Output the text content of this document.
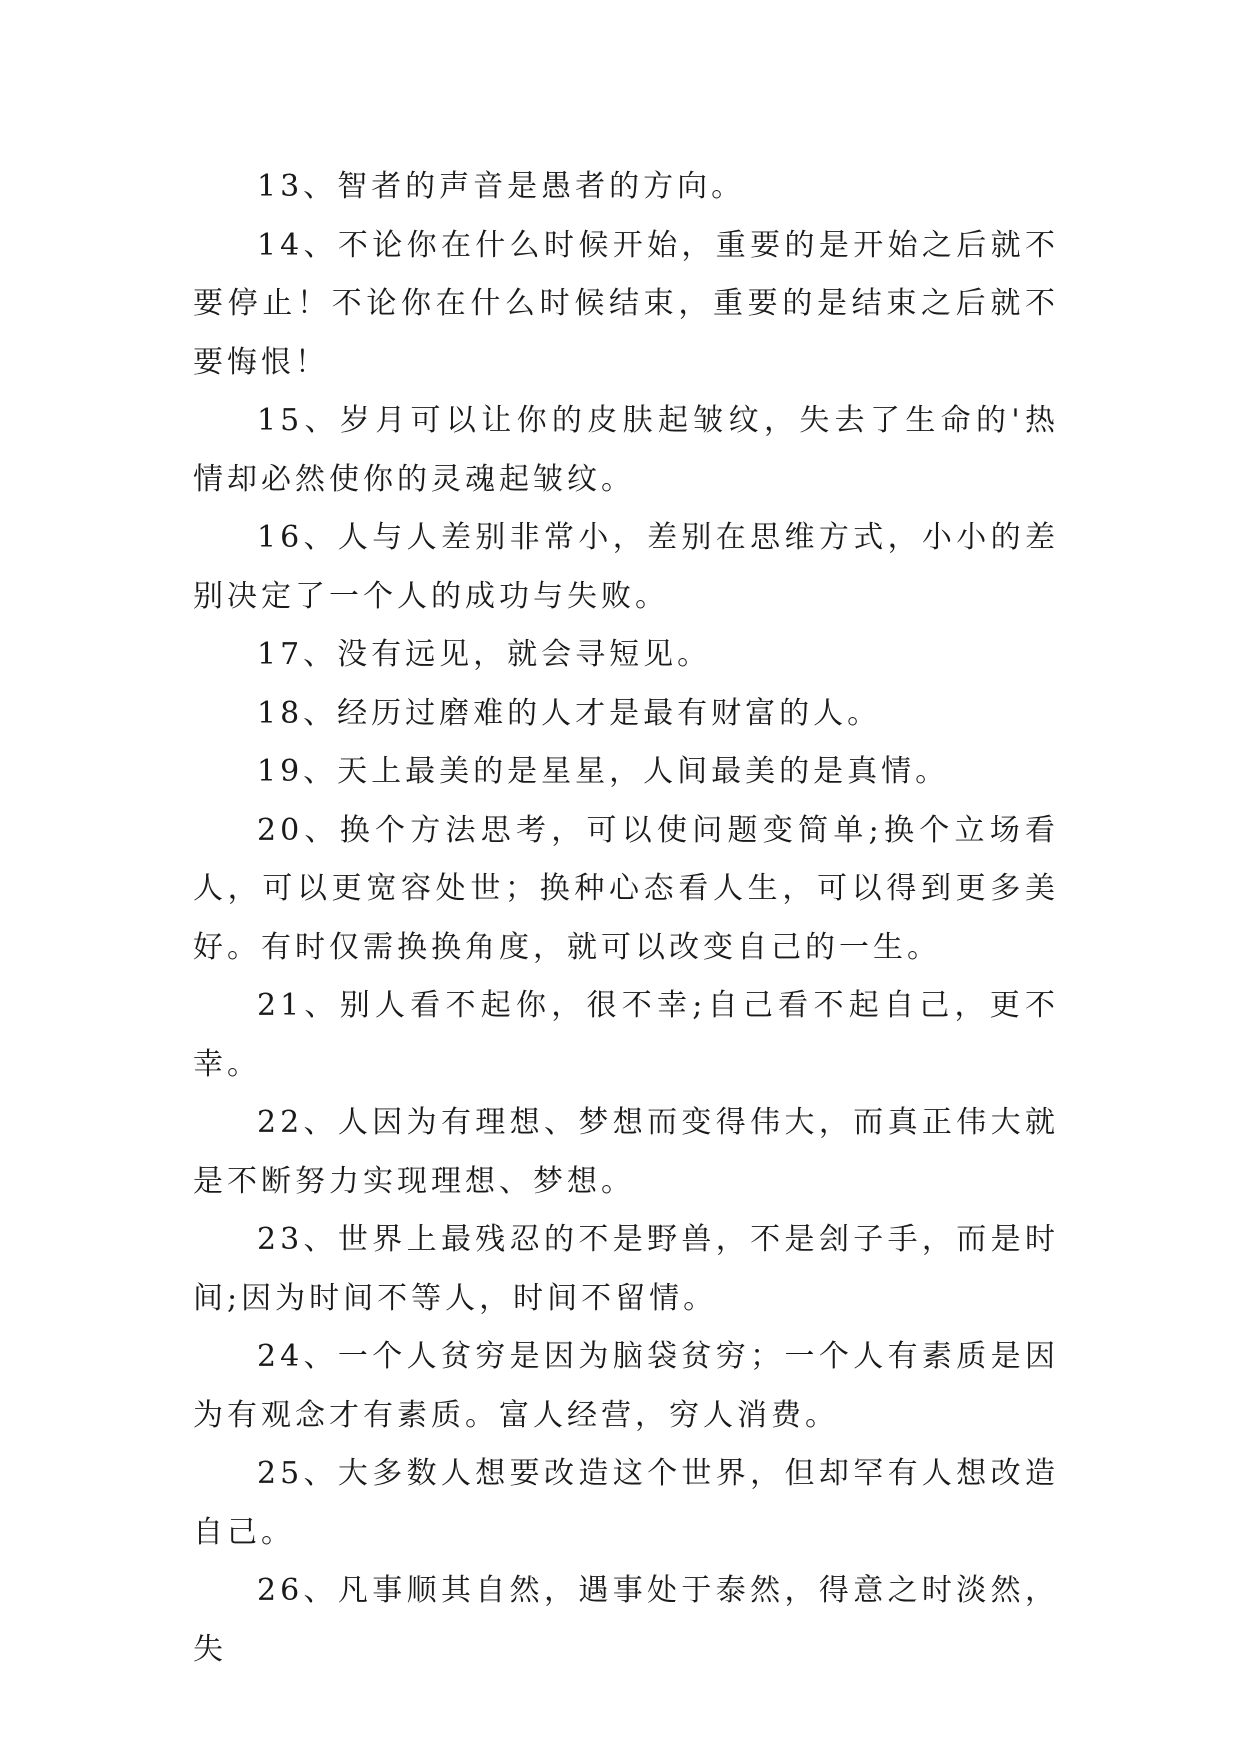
13、智者的声音是愚者的方向。

14、不论你在什么时候开始，重要的是开始之后就不要停止！不论你在什么时候结束，重要的是结束之后就不要悔恨！

15、岁月可以让你的皮肤起皱纹，失去了生命的'热情却必然使你的灵魂起皱纹。

16、人与人差别非常小，差别在思维方式，小小的差别决定了一个人的成功与失败。

17、没有远见，就会寻短见。

18、经历过磨难的人才是最有财富的人。

19、天上最美的是星星，人间最美的是真情。

20、换个方法思考，可以使问题变简单;换个立场看人，可以更宽容处世；换种心态看人生，可以得到更多美好。有时仅需换换角度，就可以改变自己的一生。

21、别人看不起你，很不幸;自己看不起自己，更不幸。

22、人因为有理想、梦想而变得伟大，而真正伟大就是不断努力实现理想、梦想。

23、世界上最残忍的不是野兽，不是刽子手，而是时间;因为时间不等人，时间不留情。

24、一个人贫穷是因为脑袋贫穷；一个人有素质是因为有观念才有素质。富人经营，穷人消费。

25、大多数人想要改造这个世界，但却罕有人想改造自己。

26、凡事顺其自然，遇事处于泰然，得意之时淡然，失
